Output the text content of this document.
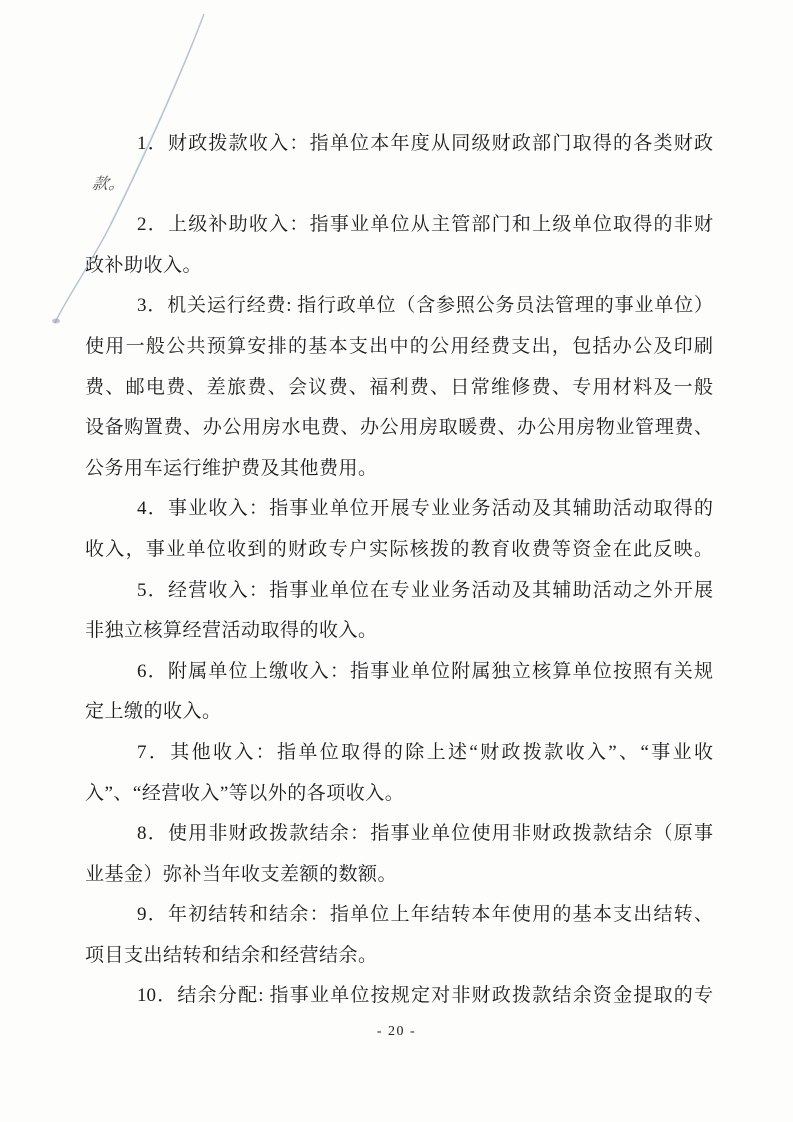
1．财政拨款收入：指单位本年度从同级财政部门取得的各类财政
款。
2．上级补助收入：指事业单位从主管部门和上级单位取得的非财
政补助收入。
3．机关运行经费: 指行政单位（含参照公务员法管理的事业单位）
使用一般公共预算安排的基本支出中的公用经费支出，包括办公及印刷
费、邮电费、差旅费、会议费、福利费、日常维修费、专用材料及一般
设备购置费、办公用房水电费、办公用房取暖费、办公用房物业管理费、
公务用车运行维护费及其他费用。
4．事业收入：指事业单位开展专业业务活动及其辅助活动取得的
收入，事业单位收到的财政专户实际核拨的教育收费等资金在此反映。
5．经营收入：指事业单位在专业业务活动及其辅助活动之外开展
非独立核算经营活动取得的收入。
6．附属单位上缴收入：指事业单位附属独立核算单位按照有关规
定上缴的收入。
7．其他收入：指单位取得的除上述“财政拨款收入”、“事业收
入”、“经营收入”等以外的各项收入。
8．使用非财政拨款结余：指事业单位使用非财政拨款结余（原事
业基金）弥补当年收支差额的数额。
9．年初结转和结余：指单位上年结转本年使用的基本支出结转、
项目支出结转和结余和经营结余。
10．结余分配: 指事业单位按规定对非财政拨款结余资金提取的专
- 20 -
